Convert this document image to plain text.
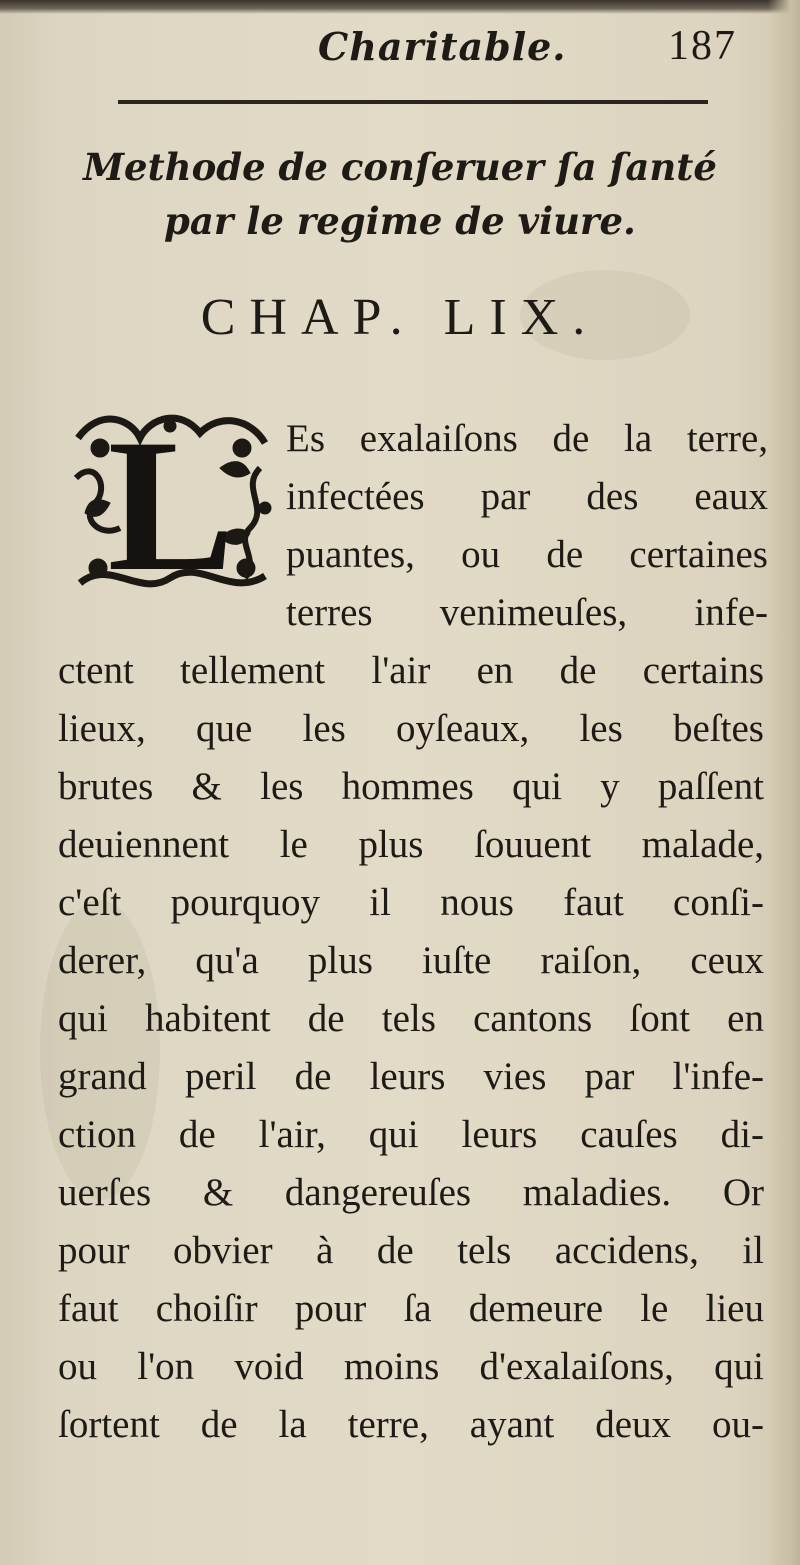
Charitable. 187
Methode de conſeruer ſa ſanté
par le regime de viure.
CHAP. LIX.
L	Es exalaiſons de la terre,
infectées par des eaux
puantes, ou de certaines
terres venimeuſes, infe-
ctent tellement l'air en de certains
lieux, que les oyſeaux, les beſtes
brutes & les hommes qui y paſſent
deuiennent le plus ſouuent malade,
c'eſt pourquoy il nous faut conſi-
derer, qu'a plus iuſte raiſon, ceux
qui habitent de tels cantons ſont en
grand peril de leurs vies par l'infe-
ction de l'air, qui leurs cauſes di-
uerſes & dangereuſes maladies. Or
pour obvier à de tels accidens, il
faut choiſir pour ſa demeure le lieu
ou l'on void moins d'exalaiſons, qui
ſortent de la terre, ayant deux ou-
